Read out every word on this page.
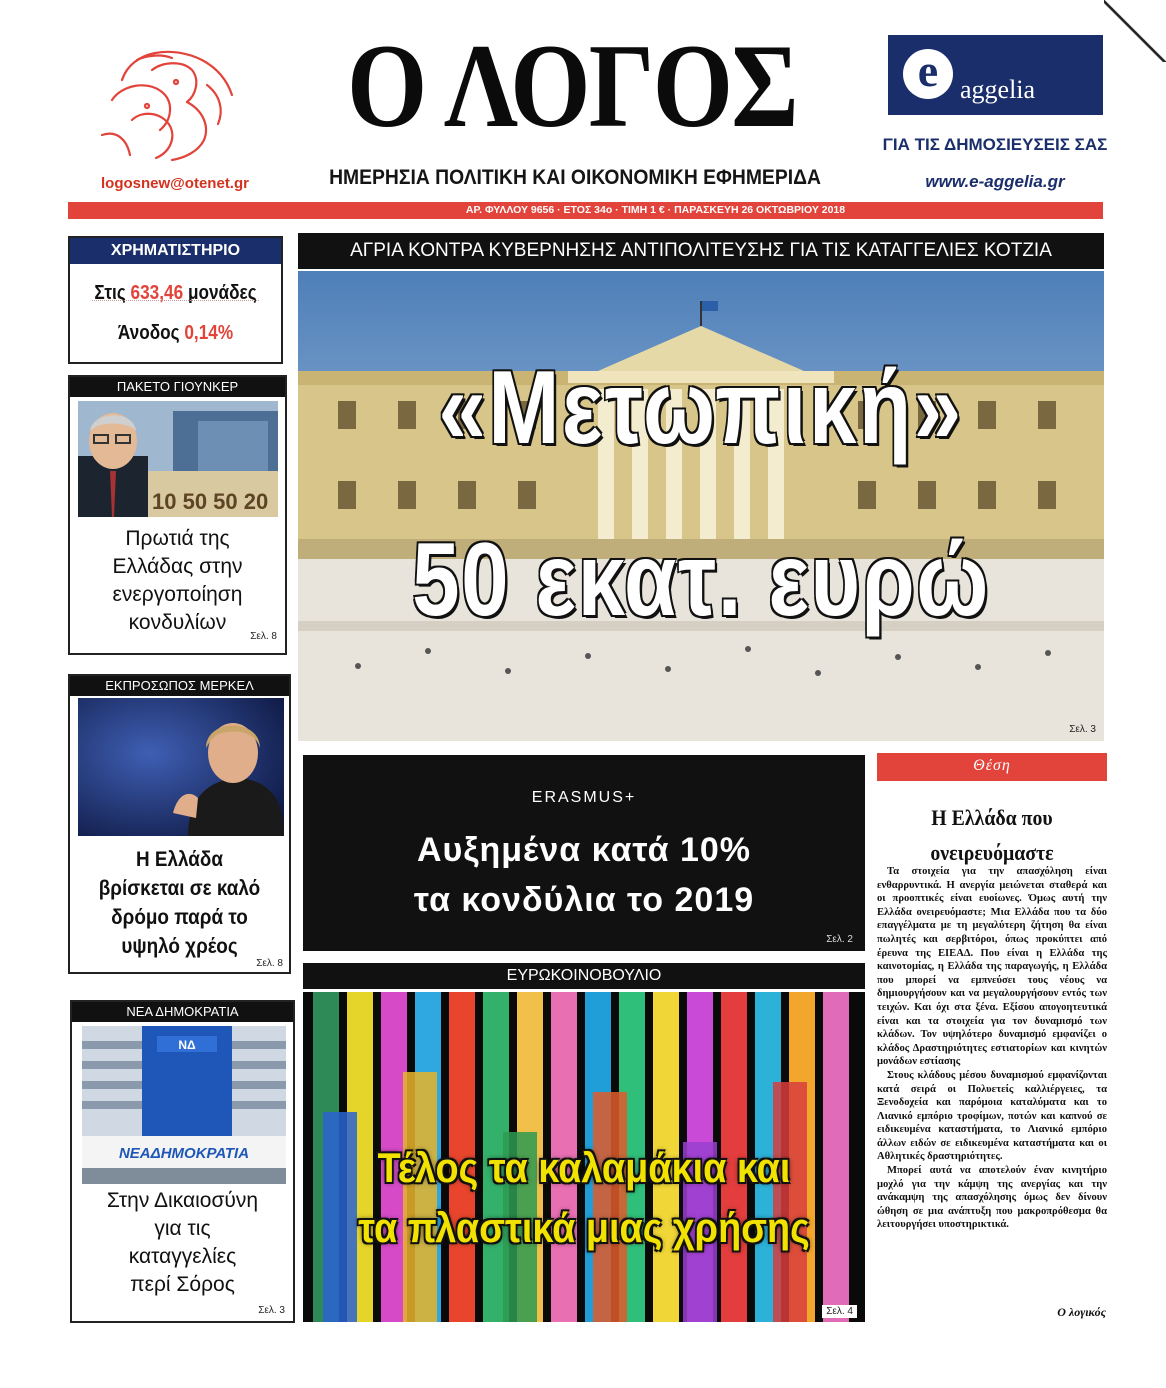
logosnew@otenet.gr
Ο ΛΟΓΟΣ
ΗΜΕΡΗΣΙΑ ΠΟΛΙΤΙΚΗ ΚΑΙ ΟΙΚΟΝΟΜΙΚΗ ΕΦΗΜΕΡΙΔΑ
e aggelia
ΓΙΑ ΤΙΣ ΔΗΜΟΣΙΕΥΣΕΙΣ ΣΑΣ
www.e-aggelia.gr
ΑΡ. ΦΥΛΛΟΥ 9656 · ΕΤΟΣ 34ο · ΤΙΜΗ 1 € · ΠΑΡΑΣΚΕΥΗ 26 ΟΚΤΩΒΡΙΟΥ 2018
ΧΡΗΜΑΤΙΣΤΗΡΙΟ
Στις 633,46 μονάδες
Άνοδος 0,14%
ΠΑΚΕΤΟ ΓΙΟΥΝΚΕΡ
10 50 50 20
Πρωτιά της
Ελλάδας στην
ενεργοποίηση
κονδυλίων
Σελ. 8
ΕΚΠΡΟΣΩΠΟΣ ΜΕΡΚΕΛ
Η Ελλάδα
βρίσκεται σε καλό
δρόμο παρά το
υψηλό χρέος
Σελ. 8
ΝΕΑ ΔΗΜΟΚΡΑΤΙΑ
ΝΔ
ΝΕΑΔΗΜΟΚΡΑΤΙΑ
Στην Δικαιοσύνη
για τις
καταγγελίες
περί Σόρος
Σελ. 3
ΑΓΡΙΑ ΚΟΝΤΡΑ ΚΥΒΕΡΝΗΣΗΣ ΑΝΤΙΠΟΛΙΤΕΥΣΗΣ ΓΙΑ ΤΙΣ ΚΑΤΑΓΓΕΛΙΕΣ ΚΟΤΖΙΑ
«Μετωπική»
50 εκατ. ευρώ
Σελ. 3
ERASMUS+
Αυξημένα κατά 10%
τα κονδύλια το 2019
Σελ. 2
ΕΥΡΩΚΟΙΝΟΒΟΥΛΙΟ
Τέλος τα καλαμάκια και
τα πλαστικά μιας χρήσης
Σελ. 4
Θέση
Η Ελλάδα που
ονειρευόμαστε

Τα στοιχεία για την απασχόληση είναι ενθαρρυντικά. Η ανεργία μειώνεται σταθερά και οι προοπτικές είναι ευοίωνες. Όμως αυτή την Ελλάδα ονειρευόμαστε; Μια Ελλάδα που τα δύο επαγγέλματα με τη μεγαλύτερη ζήτηση θα είναι πωλητές και σερβιτόροι, όπως προκύπτει από έρευνα της ΕΙΕΑΔ. Που είναι η Ελλάδα της καινοτομίας, η Ελλάδα της παραγωγής, η Ελλάδα που μπορεί να εμπνεύσει τους νέους να δημιουργήσουν και να μεγαλουργήσουν εντός των τειχών. Και όχι στα ξένα. Εξίσου απογοητευτικά είναι και τα στοιχεία για τον δυναμισμό των κλάδων. Τον υψηλότερο δυναμισμό εμφανίζει ο κλάδος Δραστηριότητες εστιατορίων και κινητών μονάδων εστίασης

Στους κλάδους μέσου δυναμισμού εμφανίζονται κατά σειρά οι Πολυετείς καλλιέργειες, τα Ξενοδοχεία και παρόμοια καταλύματα και το Λιανικό εμπόριο τροφίμων, ποτών και καπνού σε ειδικευμένα καταστήματα, το Λιανικό εμπόριο άλλων ειδών σε ειδικευμένα καταστήματα και οι Αθλητικές δραστηριότητες.

Μπορεί αυτά να αποτελούν έναν κινητήριο μοχλό για την κάμψη της ανεργίας και την ανάκαμψη της απασχόλησης όμως δεν δίνουν ώθηση σε μια ανάπτυξη που μακροπρόθεσμα θα λειτουργήσει υποστηρικτικά.

Ο λογικός
